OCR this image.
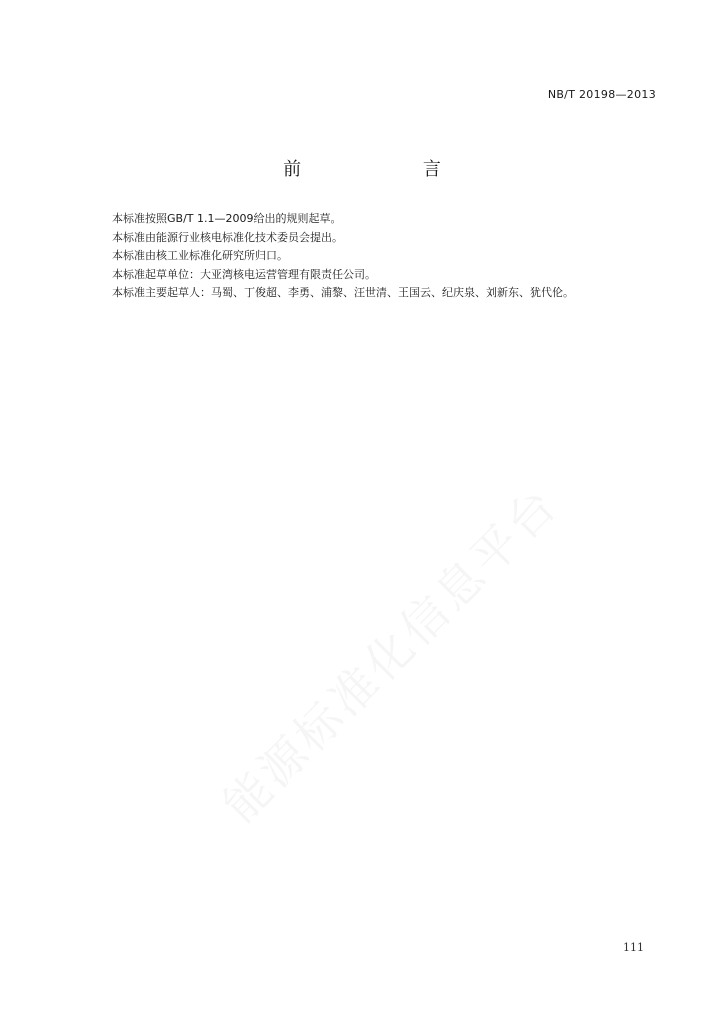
NB/T 20198—2013
前 言
本标准按照GB/T 1.1—2009给出的规则起草。
本标准由能源行业核电标准化技术委员会提出。
本标准由核工业标准化研究所归口。
本标准起草单位：大亚湾核电运营管理有限责任公司。
本标准主要起草人：马蜀、丁俊超、李勇、浦黎、汪世清、王国云、纪庆泉、刘新东、犹代伦。
能源标准化信息平台
111
